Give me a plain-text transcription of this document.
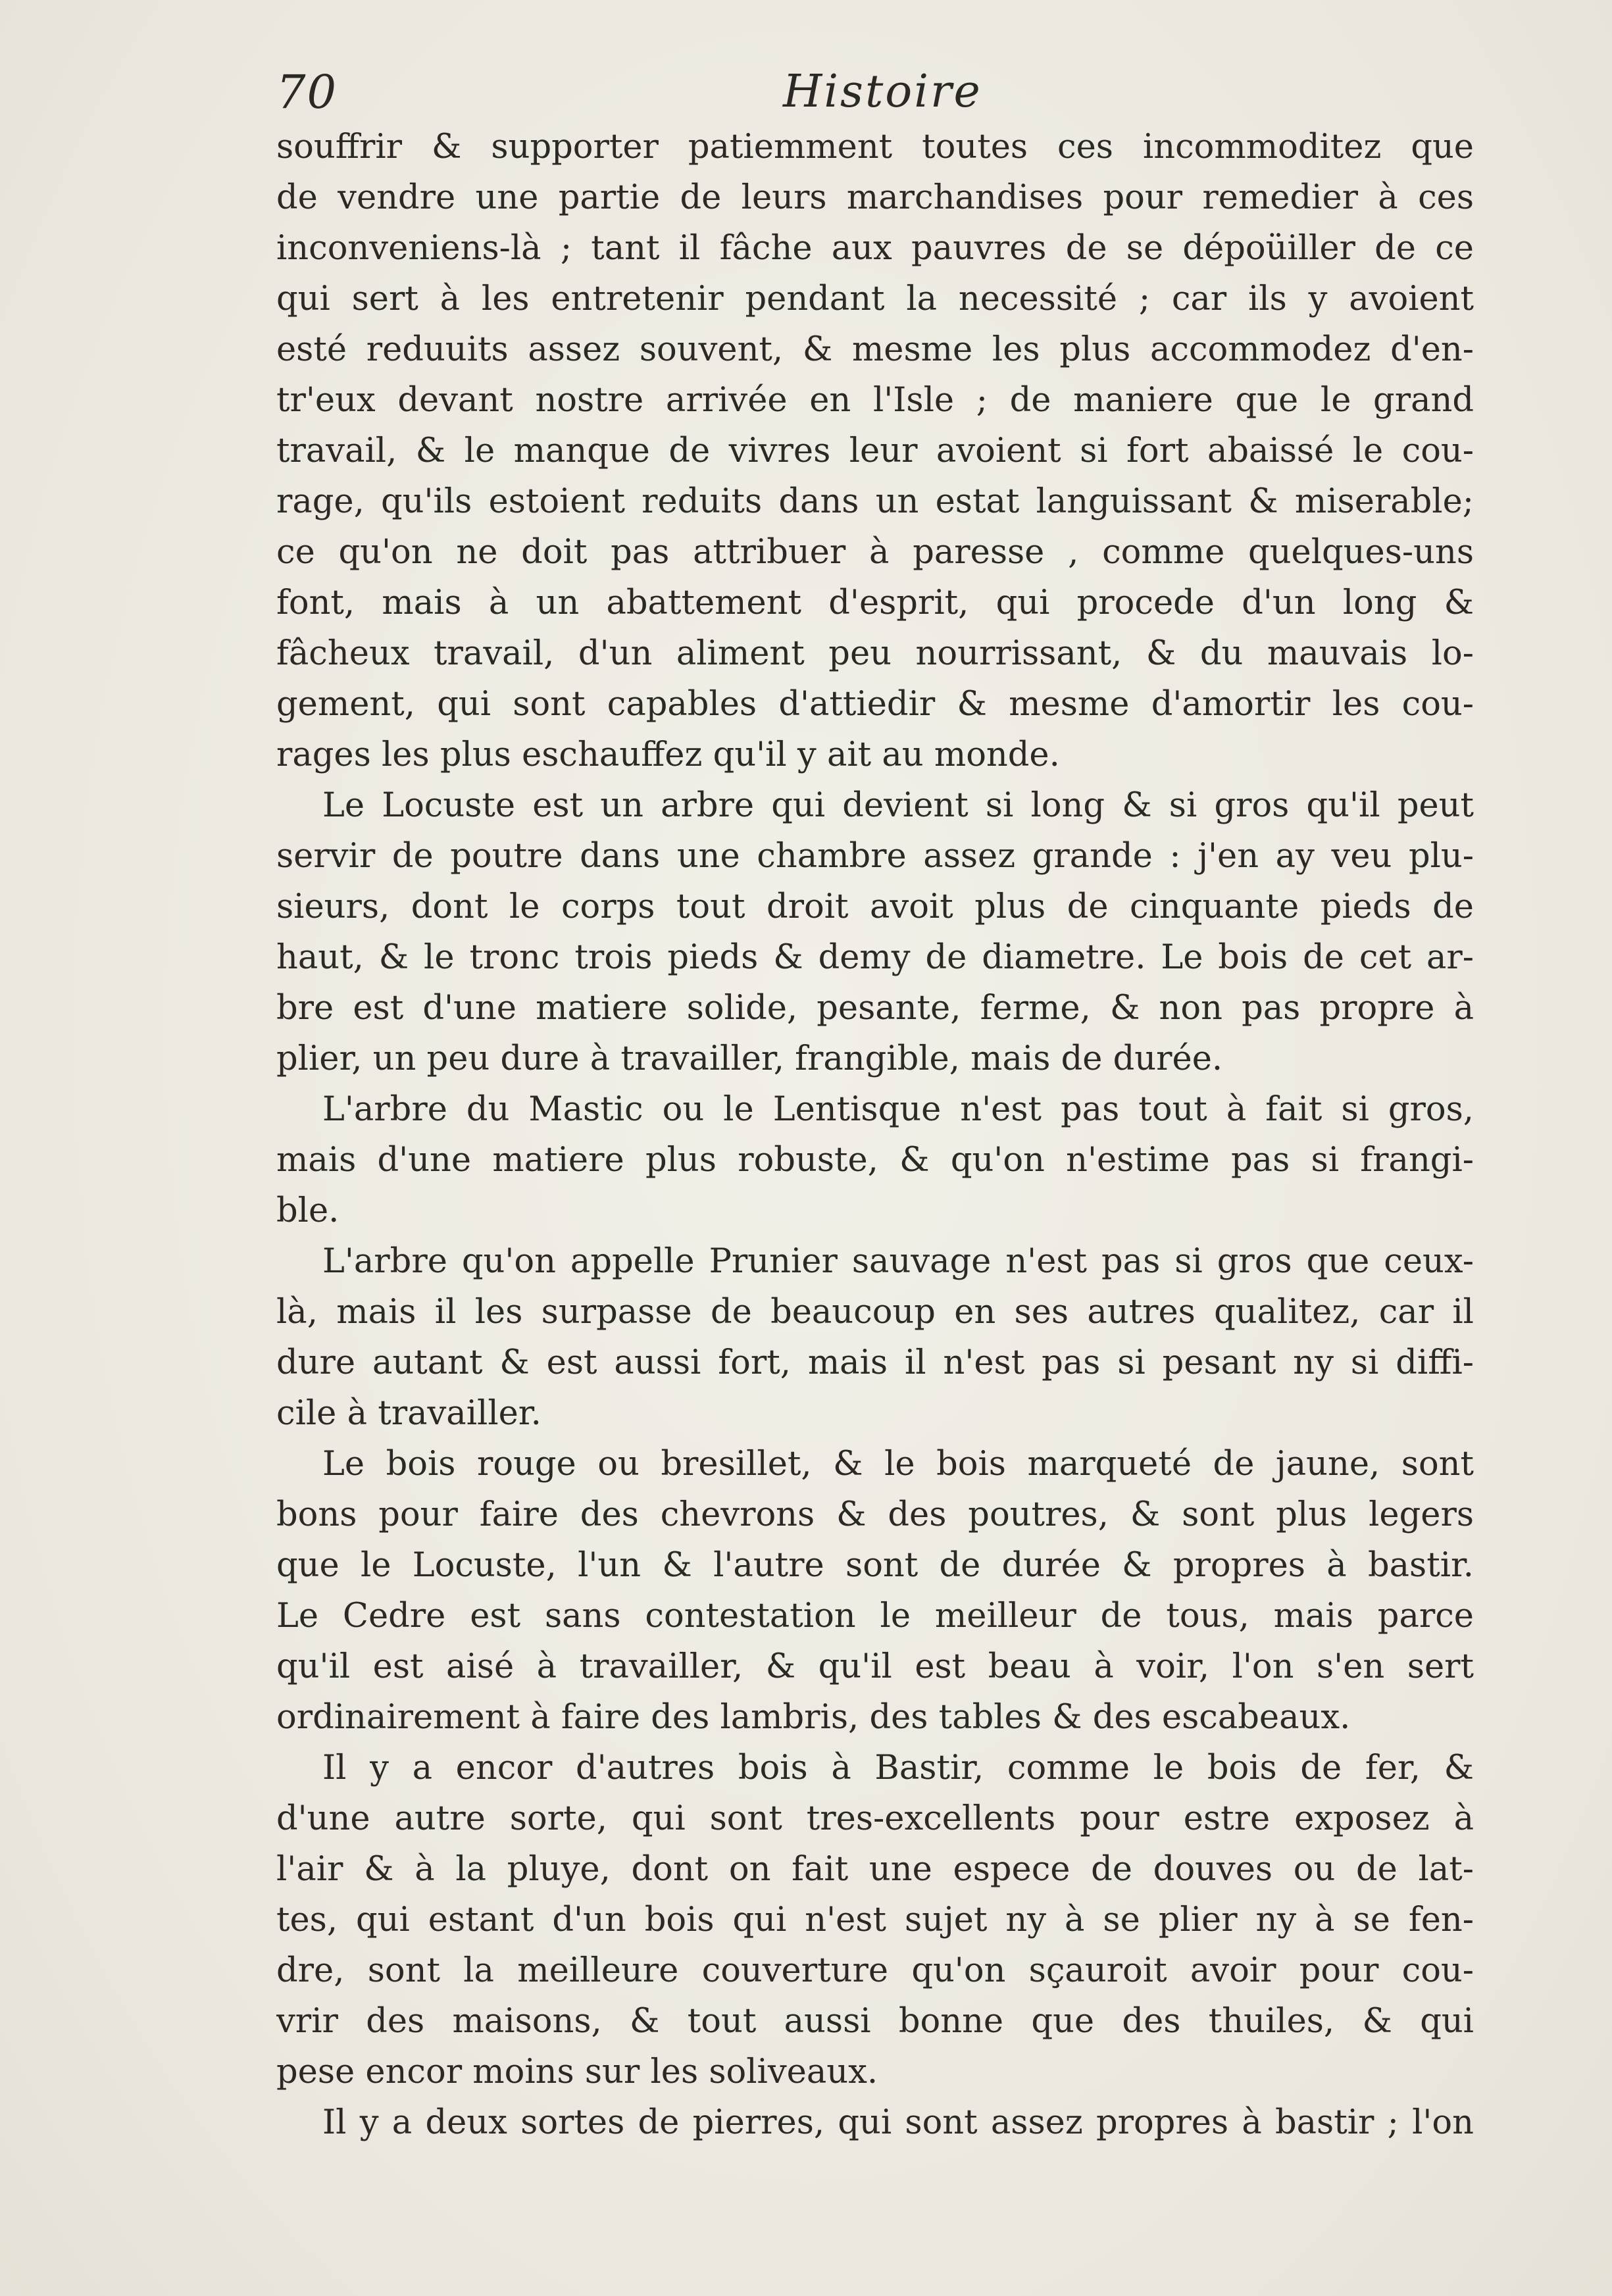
70	Histoire
souffrir & supporter patiemment toutes ces incommoditez que
de vendre une partie de leurs marchandises pour remedier à ces
inconveniens-là ; tant il fâche aux pauvres de se dépoüiller de ce
qui sert à les entretenir pendant la necessité ; car ils y avoient
esté reduuits assez souvent, & mesme les plus accommodez d'en-
tr'eux devant nostre arrivée en l'Isle ; de maniere que le grand
travail, & le manque de vivres leur avoient si fort abaissé le cou-
rage, qu'ils estoient reduits dans un estat languissant & miserable;
ce qu'on ne doit pas attribuer à paresse , comme quelques-uns
font, mais à un abattement d'esprit, qui procede d'un long &
fâcheux travail, d'un aliment peu nourrissant, & du mauvais lo-
gement, qui sont capables d'attiedir & mesme d'amortir les cou-
rages les plus eschauffez qu'il y ait au monde.
Le Locuste est un arbre qui devient si long & si gros qu'il peut
servir de poutre dans une chambre assez grande : j'en ay veu plu-
sieurs, dont le corps tout droit avoit plus de cinquante pieds de
haut, & le tronc trois pieds & demy de diametre. Le bois de cet ar-
bre est d'une matiere solide, pesante, ferme, & non pas propre à
plier, un peu dure à travailler, frangible, mais de durée.
L'arbre du Mastic ou le Lentisque n'est pas tout à fait si gros,
mais d'une matiere plus robuste, & qu'on n'estime pas si frangi-
ble.
L'arbre qu'on appelle Prunier sauvage n'est pas si gros que ceux-
là, mais il les surpasse de beaucoup en ses autres qualitez, car il
dure autant & est aussi fort, mais il n'est pas si pesant ny si diffi-
cile à travailler.
Le bois rouge ou bresillet, & le bois marqueté de jaune, sont
bons pour faire des chevrons & des poutres, & sont plus legers
que le Locuste, l'un & l'autre sont de durée & propres à bastir.
Le Cedre est sans contestation le meilleur de tous, mais parce
qu'il est aisé à travailler, & qu'il est beau à voir, l'on s'en sert
ordinairement à faire des lambris, des tables & des escabeaux.
Il y a encor d'autres bois à Bastir, comme le bois de fer, &
d'une autre sorte, qui sont tres-excellents pour estre exposez à
l'air & à la pluye, dont on fait une espece de douves ou de lat-
tes, qui estant d'un bois qui n'est sujet ny à se plier ny à se fen-
dre, sont la meilleure couverture qu'on sçauroit avoir pour cou-
vrir des maisons, & tout aussi bonne que des thuiles, & qui
pese encor moins sur les soliveaux.
Il y a deux sortes de pierres, qui sont assez propres à bastir ; l'on
